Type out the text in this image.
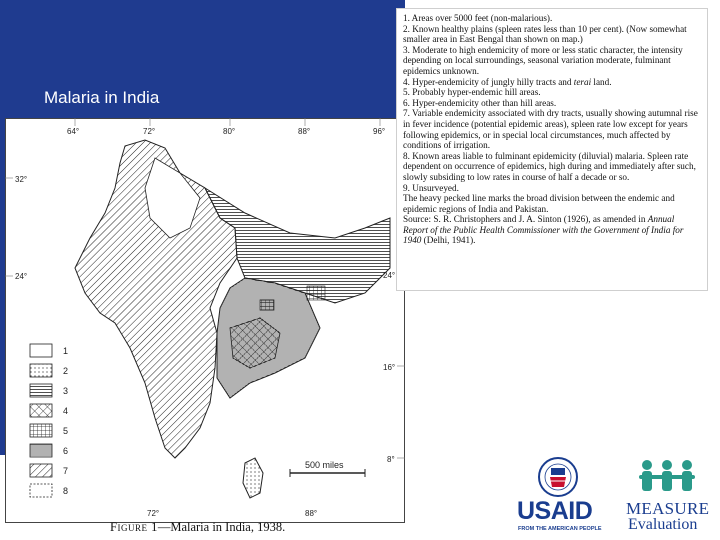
Malaria in India
64°	72°	80°	88°	96°
32°
24°	24°
16°
8°
72°	88°
500 miles
1
2
3
4
5
6
7
8

1. Areas over 5000 feet (non-malarious).

2. Known healthy plains (spleen rates less than 10 per cent). (Now somewhat smaller area in East Bengal than shown on map.)

3. Moderate to high endemicity of more or less static character, the intensity depending on local surroundings, seasonal variation moderate, fulminant epidemics unknown.

4. Hyper-endemicity of jungly hilly tracts and terai land.

5. Probably hyper-endemic hill areas.

6. Hyper-endemicity other than hill areas.

7. Variable endemicity associated with dry tracts, usually showing autumnal rise in fever incidence (potential epidemic areas), spleen rate low except for years following epidemics, or in special local circumstances, much affected by conditions of irrigation.

8. Known areas liable to fulminant epidemicity (diluvial) malaria. Spleen rate dependent on occurrence of epidemics, high during and immediately after such, slowly subsiding to low rates in course of half a decade or so.

9. Unsurveyed.

The heavy pecked line marks the broad division between the endemic and epidemic regions of India and Pakistan.

Source: S. R. Christophers and J. A. Sinton (1926), as amended in Annual Report of the Public Health Commissioner with the Government of India for 1940 (Delhi, 1941).

Figure 1—Malaria in India, 1938.
USAID
FROM THE AMERICAN PEOPLE
MEASURE
Evaluation
